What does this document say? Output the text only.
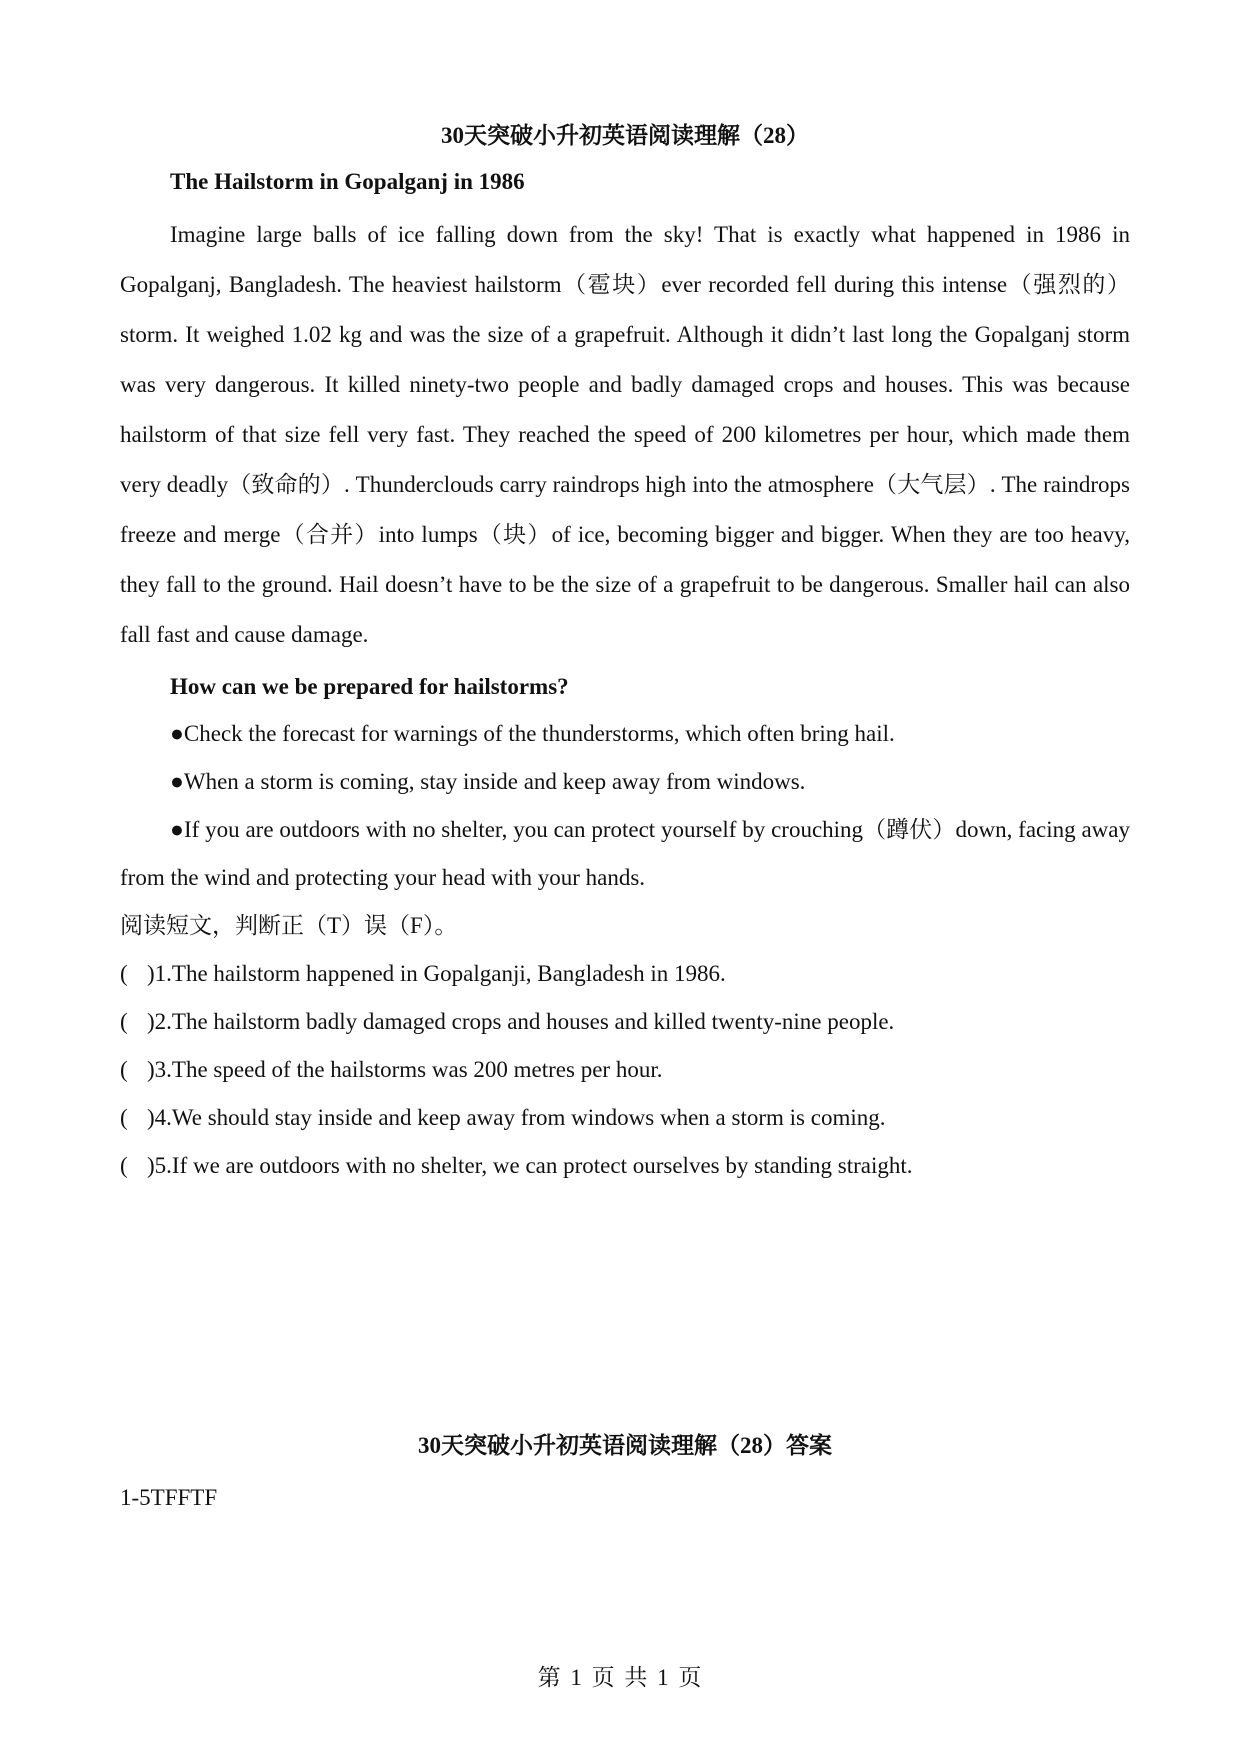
30天突破小升初英语阅读理解（28）
The Hailstorm in Gopalganj in 1986

Imagine large balls of ice falling down from the sky! That is exactly what happened in 1986 in Gopalganj, Bangladesh. The heaviest hailstorm（雹块）ever recorded fell during this intense（强烈的）storm. It weighed 1.02 kg and was the size of a grapefruit. Although it didn’t last long the Gopalganj storm was very dangerous. It killed ninety-two people and badly damaged crops and houses. This was because hailstorm of that size fell very fast. They reached the speed of 200 kilometres per hour, which made them very deadly（致命的）. Thunderclouds carry raindrops high into the atmosphere（大气层）. The raindrops freeze and merge（合并）into lumps（块）of ice, becoming bigger and bigger. When they are too heavy, they fall to the ground. Hail doesn’t have to be the size of a grapefruit to be dangerous. Smaller hail can also fall fast and cause damage.

How can we be prepared for hailstorms?

●Check the forecast for warnings of the thunderstorms, which often bring hail.

●When a storm is coming, stay inside and keep away from windows.

●If you are outdoors with no shelter, you can protect yourself by crouching（蹲伏）down, facing away from the wind and protecting your head with your hands.

阅读短文，判断正（T）误（F）。

( )1.The hailstorm happened in Gopalganji, Bangladesh in 1986.
( )2.The hailstorm badly damaged crops and houses and killed twenty-nine people.
( )3.The speed of the hailstorms was 200 metres per hour.
( )4.We should stay inside and keep away from windows when a storm is coming.
( )5.If we are outdoors with no shelter, we can protect ourselves by standing straight.
30天突破小升初英语阅读理解（28）答案
1-5TFFTF
第 1 页 共 1 页
